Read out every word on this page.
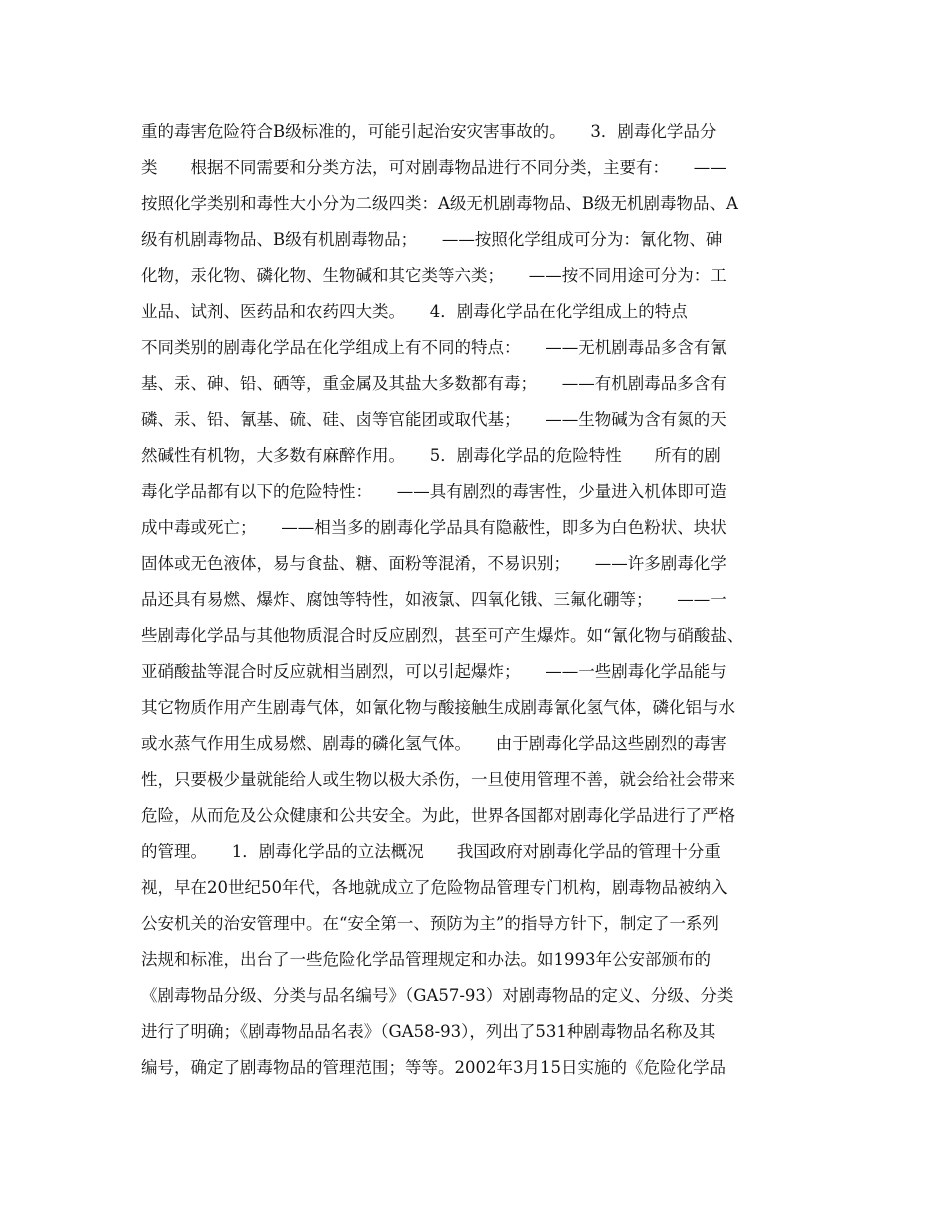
重的毒害危险符合B级标准的，可能引起治安灾害事故的。　　3．剧毒化学品分
类　　根据不同需要和分类方法，可对剧毒物品进行不同分类，主要有：　　——
按照化学类别和毒性大小分为二级四类：A级无机剧毒物品、B级无机剧毒物品、A
级有机剧毒物品、B级有机剧毒物品；　　——按照化学组成可分为：氰化物、砷
化物，汞化物、磷化物、生物碱和其它类等六类；　　——按不同用途可分为：工
业品、试剂、医药品和农药四大类。　　4．剧毒化学品在化学组成上的特点
不同类别的剧毒化学品在化学组成上有不同的特点：　　——无机剧毒品多含有氰
基、汞、砷、铅、硒等，重金属及其盐大多数都有毒；　　——有机剧毒品多含有
磷、汞、铅、氰基、硫、硅、卤等官能团或取代基；　　——生物碱为含有氮的天
然碱性有机物，大多数有麻醉作用。　　5．剧毒化学品的危险特性　　所有的剧
毒化学品都有以下的危险特性：　　——具有剧烈的毒害性，少量进入机体即可造
成中毒或死亡；　　——相当多的剧毒化学品具有隐蔽性，即多为白色粉状、块状
固体或无色液体，易与食盐、糖、面粉等混淆，不易识别；　　——许多剧毒化学
品还具有易燃、爆炸、腐蚀等特性，如液氯、四氧化锇、三氟化硼等；　　——一
些剧毒化学品与其他物质混合时反应剧烈，甚至可产生爆炸。如“氰化物与硝酸盐、
亚硝酸盐等混合时反应就相当剧烈，可以引起爆炸；　　——一些剧毒化学品能与
其它物质作用产生剧毒气体，如氰化物与酸接触生成剧毒氰化氢气体，磷化铝与水
或水蒸气作用生成易燃、剧毒的磷化氢气体。　　由于剧毒化学品这些剧烈的毒害
性，只要极少量就能给人或生物以极大杀伤，一旦使用管理不善，就会给社会带来
危险，从而危及公众健康和公共安全。为此，世界各国都对剧毒化学品进行了严格
的管理。　　1．剧毒化学品的立法概况　　我国政府对剧毒化学品的管理十分重
视，早在20世纪50年代，各地就成立了危险物品管理专门机构，剧毒物品被纳入
公安机关的治安管理中。在“安全第一、预防为主”的指导方针下，制定了一系列
法规和标准，出台了一些危险化学品管理规定和办法。如1993年公安部颁布的
《剧毒物品分级、分类与品名编号》（GA57-93）对剧毒物品的定义、分级、分类
进行了明确；《剧毒物品品名表》（GA58-93），列出了531种剧毒物品名称及其
编号，确定了剧毒物品的管理范围；等等。2002年3月15日实施的《危险化学品
